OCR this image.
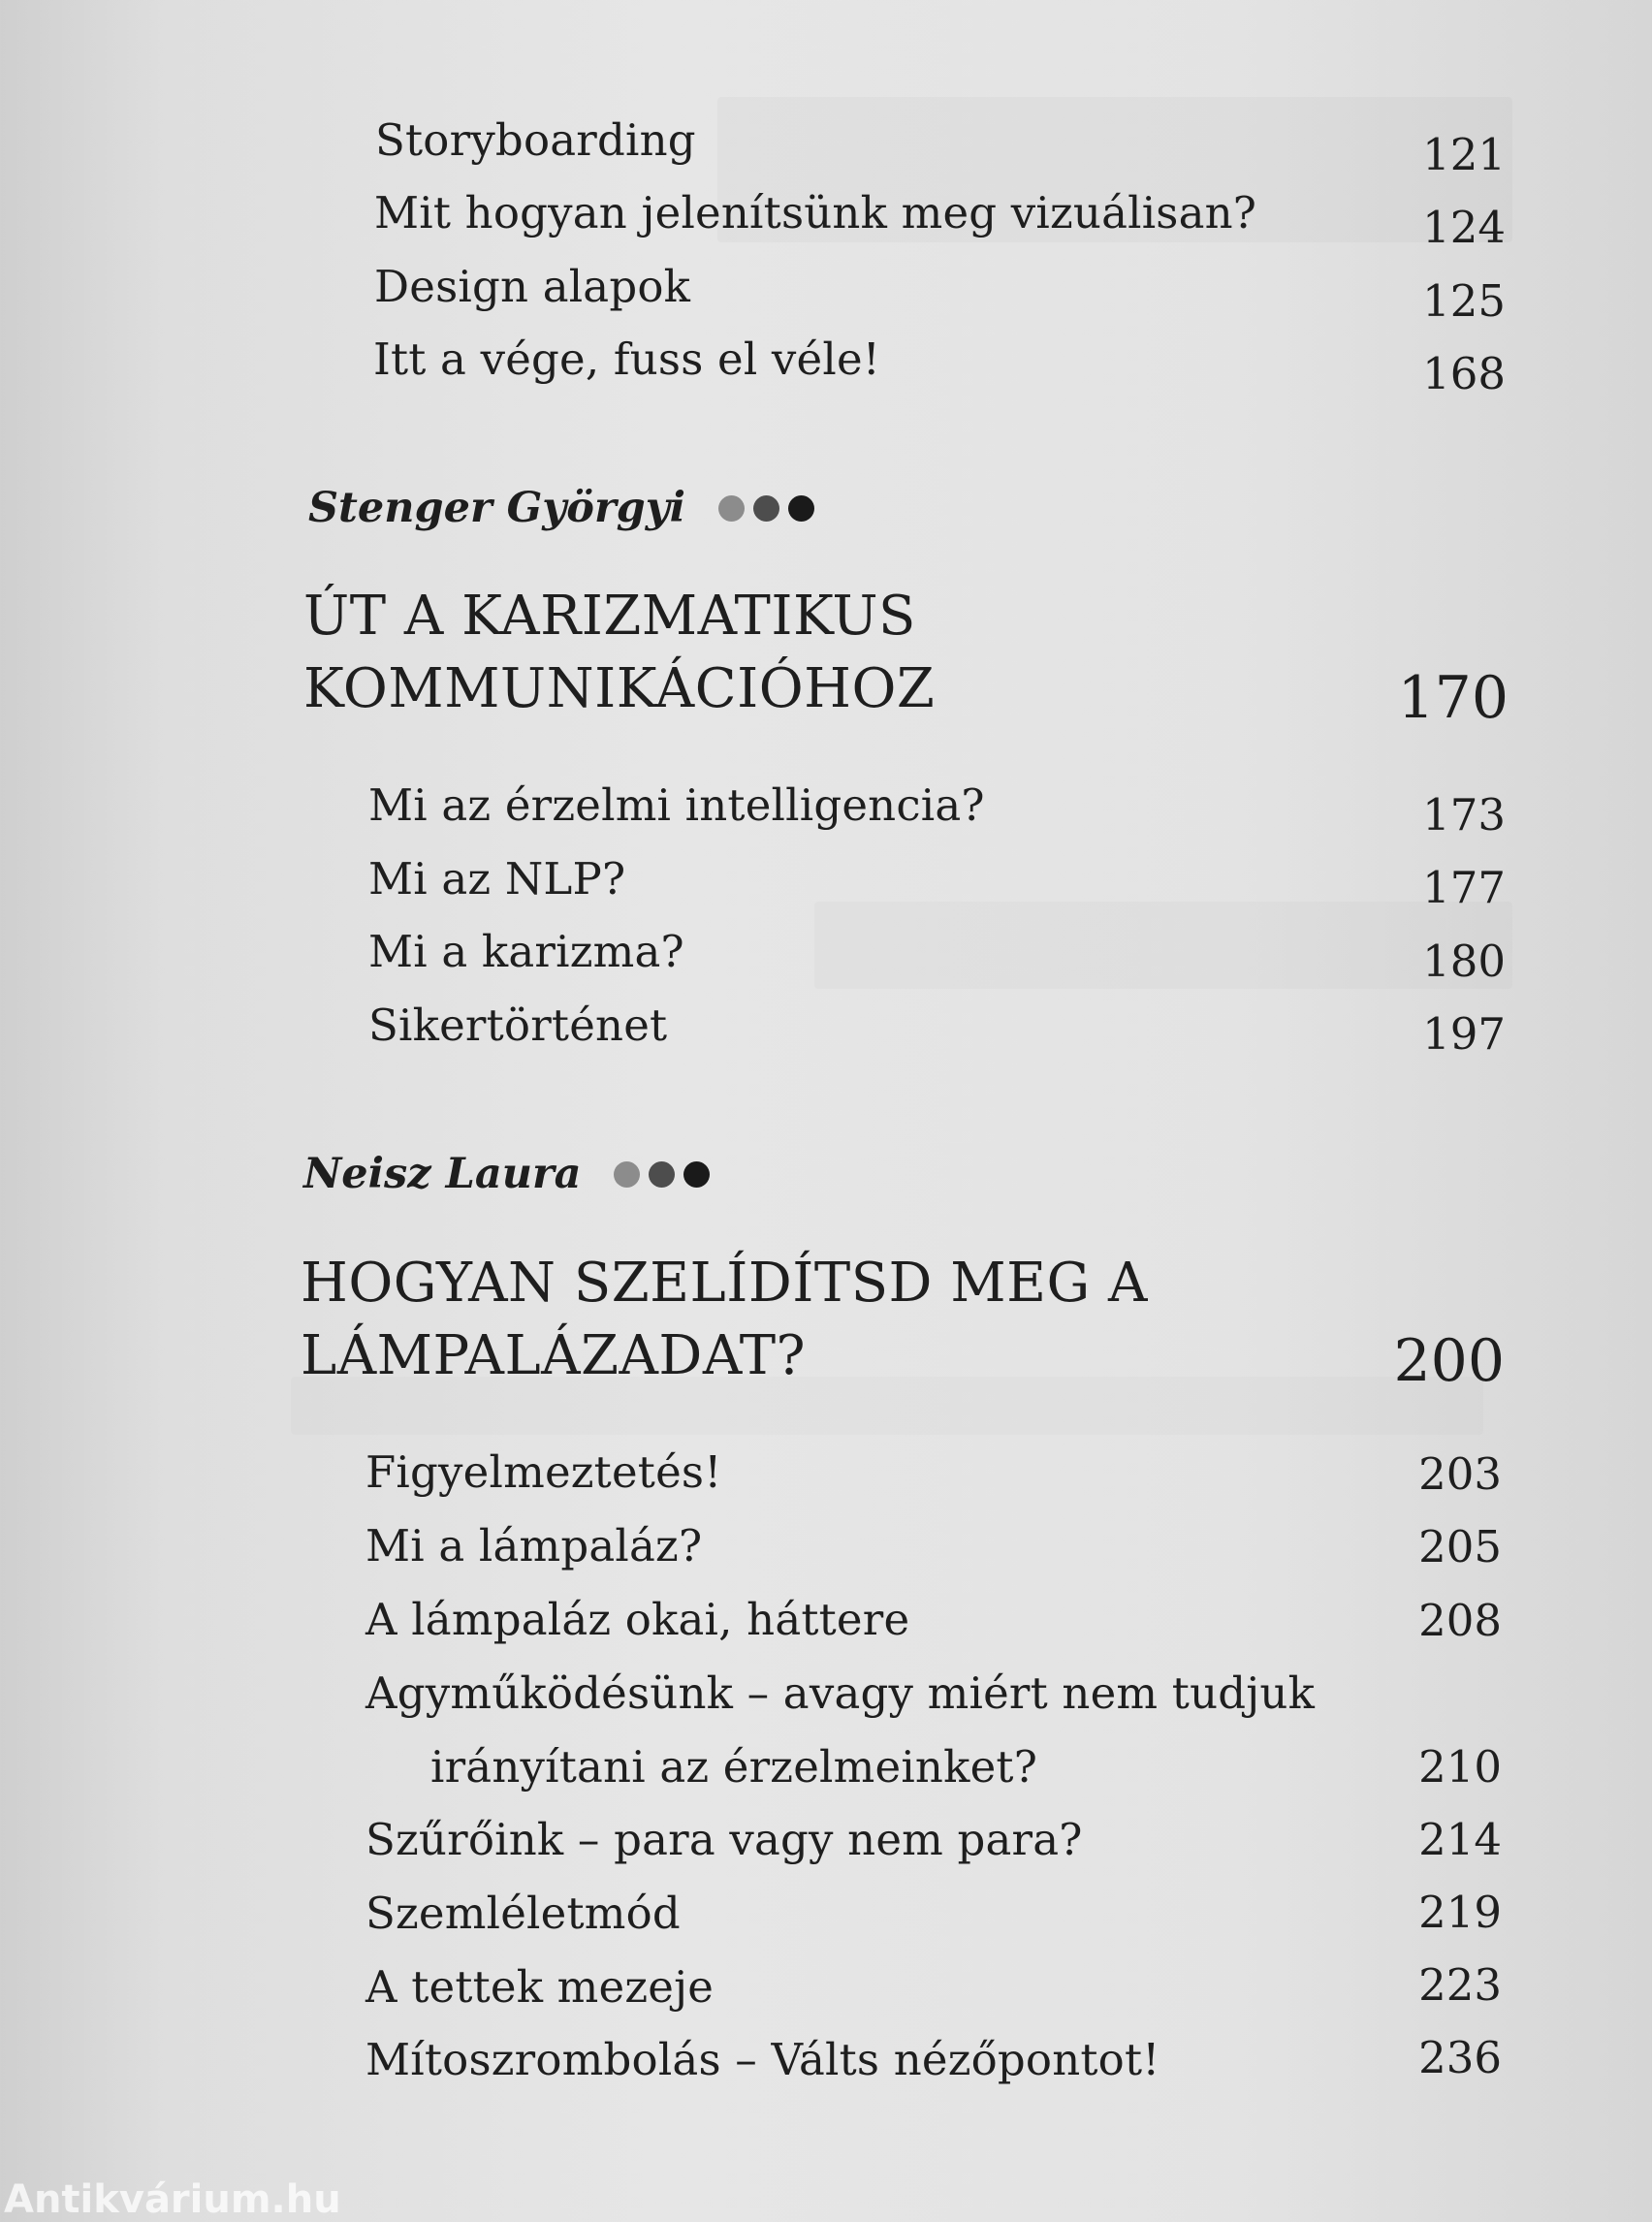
Storyboarding	121
Mit hogyan jelenítsünk meg vizuálisan?	124
Design alapok	125
Itt a vége, fuss el véle!	168
Stenger Györgyi
ÚT A KARIZMATIKUS
KOMMUNIKÁCIÓHOZ	170
Mi az érzelmi intelligencia?	173
Mi az NLP?	177
Mi a karizma?	180
Sikertörténet	197
Neisz Laura
HOGYAN SZELÍDÍTSD MEG A
LÁMPALÁZADAT?	200
Figyelmeztetés!	203
Mi a lámpaláz?	205
A lámpaláz okai, háttere	208
Agyműködésünk – avagy miért nem tudjuk
irányítani az érzelmeinket?	210
Szűrőink – para vagy nem para?	214
Szemléletmód	219
A tettek mezeje	223
Mítoszrombolás – Válts nézőpontot!	236
Antikvárium.hu
